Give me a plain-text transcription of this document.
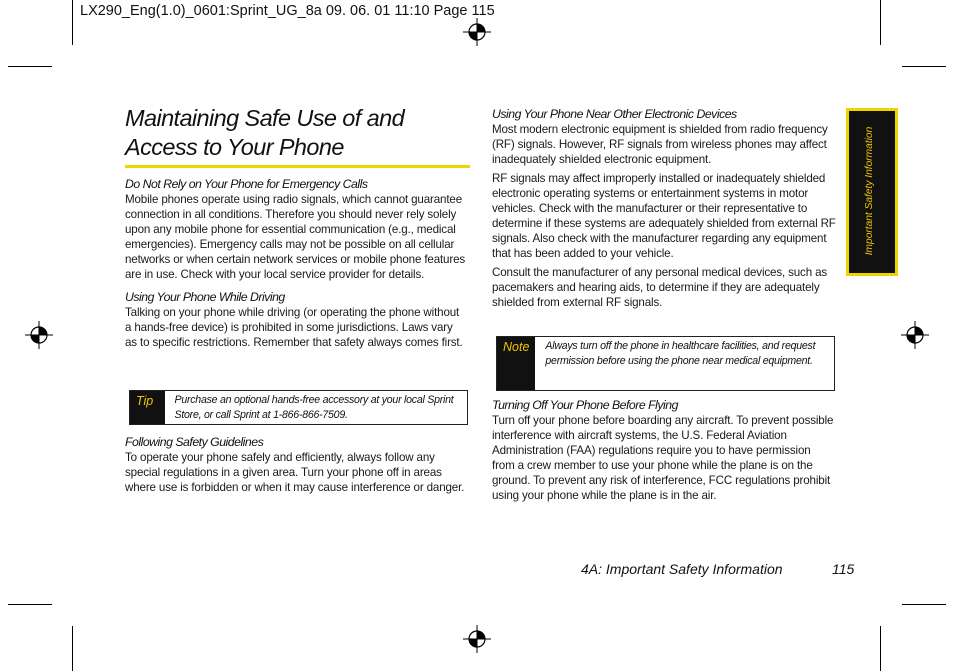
LX290_Eng(1.0)_0601:Sprint_UG_8a 09. 06. 01 11:10 Page 115
Maintaining Safe Use of and
Access to Your Phone
Do Not Rely on Your Phone for Emergency Calls

Mobile phones operate using radio signals, which cannot guarantee connection in all conditions. Therefore you should never rely solely upon any mobile phone for essential communication (e.g., medical emergencies). Emergency calls may not be possible on all cellular networks or when certain network services or mobile phone features are in use. Check with your local service provider for details.

Using Your Phone While Driving

Talking on your phone while driving (or operating the phone without a hands-free device) is prohibited in some jurisdictions. Laws vary as to specific restrictions. Remember that safety always comes first.

Tip	Purchase an optional hands-free accessory at your local Sprint Store, or call Sprint at 1-866-866-7509.
Following Safety Guidelines

To operate your phone safely and efficiently, always follow any special regulations in a given area. Turn your phone off in areas where use is forbidden or when it may cause interference or danger.

Using Your Phone Near Other Electronic Devices

Most modern electronic equipment is shielded from radio frequency (RF) signals. However, RF signals from wireless phones may affect inadequately shielded electronic equipment.

RF signals may affect improperly installed or inadequately shielded electronic operating systems or entertainment systems in motor vehicles. Check with the manufacturer or their representative to determine if these systems are adequately shielded from external RF signals. Also check with the manufacturer regarding any equipment that has been added to your vehicle.

Consult the manufacturer of any personal medical devices, such as pacemakers and hearing aids, to determine if they are adequately shielded from external RF signals.

Note	Always turn off the phone in healthcare facilities, and request permission before using the phone near medical equipment.
Turning Off Your Phone Before Flying

Turn off your phone before boarding any aircraft. To prevent possible interference with aircraft systems, the U.S. Federal Aviation Administration (FAA) regulations require you to have permission from a crew member to use your phone while the plane is on the ground. To prevent any risk of interference, FCC regulations prohibit using your phone while the plane is in the air.

Important Safety Information
4A: Important Safety Information	115
